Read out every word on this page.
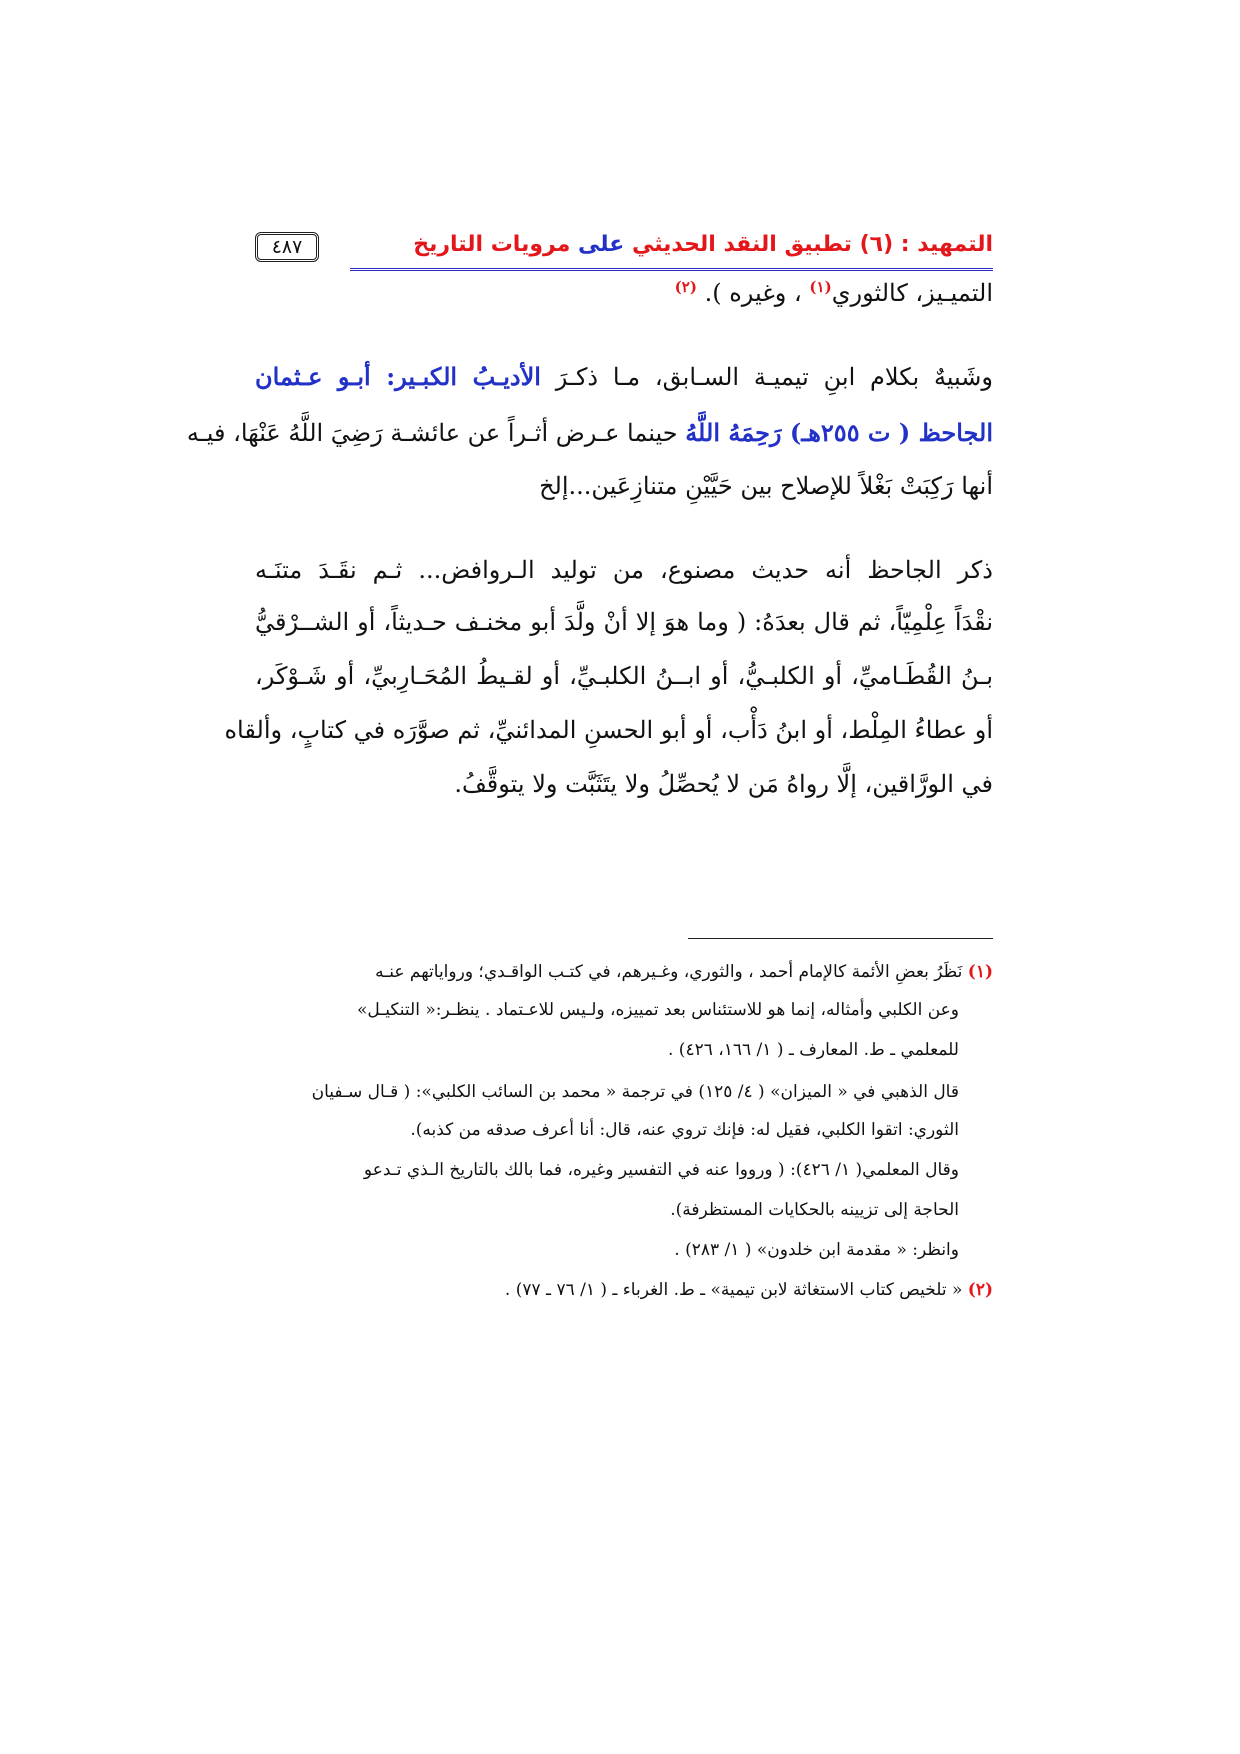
التمهيد : (٦) تطبيق النقد الحديثي على مرويات التاريخ
٤٨٧
التميـيز، كالثوري$^{(١)}$ ، وغيره ). $^{(٢)}$
وشَبيهٌ بكلام ابنِ تيميـة السـابق، مـا ذكـرَ الأديـبُ الكبـير: أبـو عـثمان
الجاحظ ( ت ٢٥٥هـ) رَحِمَهُ اللَّهُ حينما عـرض أثـراً عن عائشـة رَضِيَ اللَّهُ عَنْهَا، فيـه
أنها رَكِبَتْ بَغْلاً للإصلاح بين حَيَّيْنِ متنازِعَين...إلخ
ذكر الجاحظ أنه حديث مصنوع، من توليد الـروافض... ثـم نقَـدَ متنَـه
نقْدَاً عِلْمِيّاً، ثم قال بعدَهُ: ( وما هوَ إلا أنْ ولَّدَ أبو مخنـف حـديثاً، أو الشــرْقيُّ
بـنُ القُطَـاميِّ، أو الكلبـيُّ، أو ابــنُ الكلبـيِّ، أو لقـيطُ المُحَـارِبيِّ، أو شَـوْكَر،
أو عطاءُ المِلْط، أو ابنُ دَأْب، أو أبو الحسنِ المدائنيِّ، ثم صوَّرَه في كتابٍ، وألقاه
في الورَّاقين، إلَّا رواهُ مَن لا يُحصِّلُ ولا يتَثَبَّت ولا يتوقَّفُ.
(١) نَظَرُ بعضِ الأئمة كالإمام أحمد ، والثوري، وغـيرهم، في كتـب الواقـدي؛ ورواياتهم عنـه
وعن الكلبي وأمثاله، إنما هو للاستئناس بعد تمييزه، ولـيس للاعـتماد . ينظـر:« التنكيـل»
للمعلمي ـ ط. المعارف ـ ( ١/ ١٦٦، ٤٢٦) .
قال الذهبي في « الميزان» ( ٤/ ١٢٥) في ترجمة « محمد بن السائب الكلبي»: ( قـال سـفيان
الثوري: اتقوا الكلبي، فقيل له: فإنك تروي عنه، قال: أنا أعرف صدقه من كذبه).
وقال المعلمي( ١/ ٤٢٦): ( ورووا عنه في التفسير وغيره، فما بالك بالتاريخ الـذي تـدعو
الحاجة إلى تزيينه بالحكايات المستظرفة).
وانظر: « مقدمة ابن خلدون» ( ١/ ٢٨٣) .
(٢) « تلخيص كتاب الاستغاثة لابن تيمية» ـ ط. الغرباء ـ ( ١/ ٧٦ ـ ٧٧) .
